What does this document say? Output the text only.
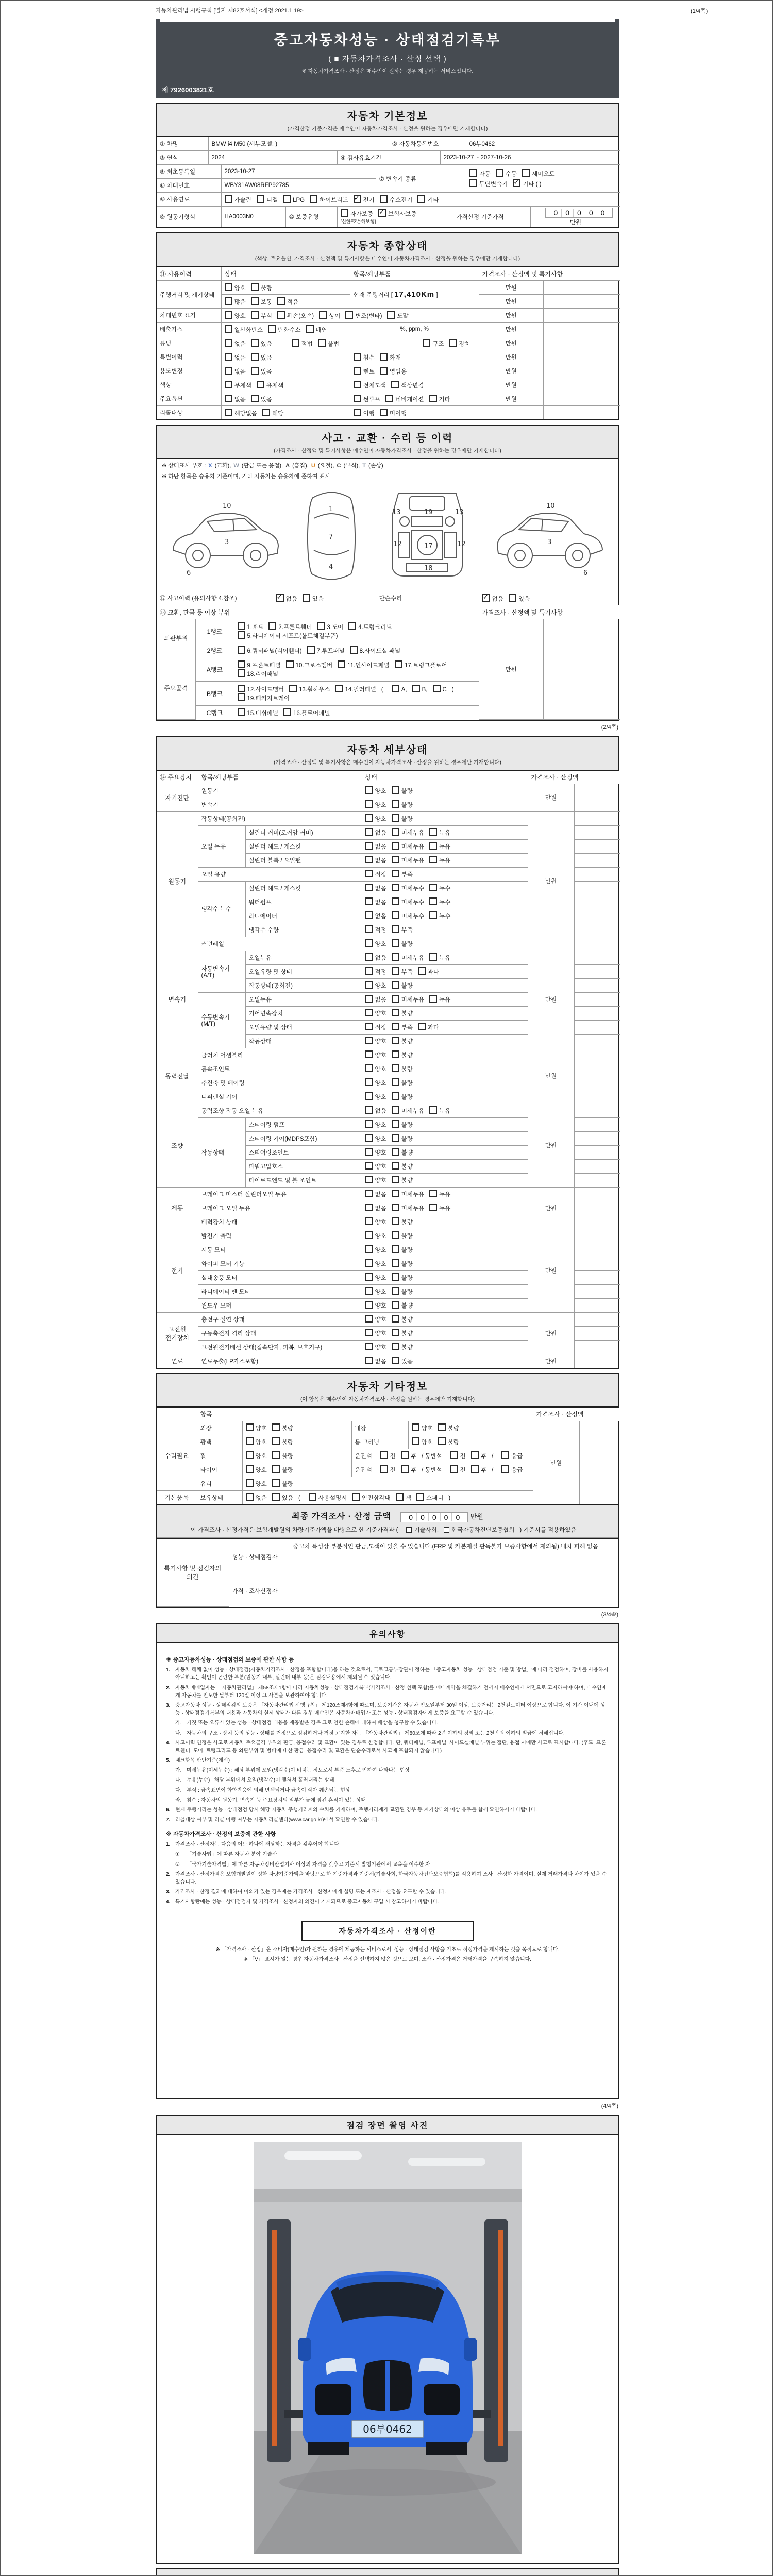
(1/4쪽)
자동차관리법 시행규칙 [별지 제82호서식] <개정 2021.1.19>
중고자동차성능 · 상태점검기록부
( ■ 자동차가격조사 · 산정 선택 )
※ 자동차가격조사 · 산정은 매수인이 원하는 경우 제공하는 서비스입니다.
제 7926003821호
자동차 기본정보
(가격산정 기준가격은 매수인이 자동차가격조사 · 산정을 원하는 경우에만 기재합니다)
① 차명	BMW i4 M50 (세부모델: )					② 자동차등록번호			06부0462	
③ 연식	2024			④ 검사유효기간			2023-10-27 ~ 2027-10-26			
⑤ 최초등록일		2023-10-27			⑦ 변속기 종류				자동 수동 세미오토
무단변속기 ✓ 기타 ( )

⑥ 차대번호		WBY31AW08RFP92785								
⑧ 사용연료		가솔린 디젤 LPG 하이브리드 ✓ 전기 수소전기 기타
⑨ 원동기형식		HA0003N0	⑩ 보증유형	자가보증 ✓ 보험사보증 [신한EZ손해보험]				가격산정 기준가격		0 0 0 0 0 만원
자동차 종합상태
(색상, 주요옵션, 가격조사 · 산정액 및 특기사항은 매수인이 자동차가격조사 · 산정을 원하는 경우에만 기재합니다)
⑪ 사용이력	상태	항목/해당부품	가격조사 · 산정액 및 특기사항	
주행거리 및 계기상태	양호 불량	현재 주행거리 [ 17,410Km ]	만원	
	많음 보통 적음		만원	
차대번호 표기	양호 부식 훼손(오손) 상이 변조(변타) 도말		만원	
배출가스	일산화탄소 탄화수소 매연	%, ppm, %	만원	
튜닝	없음 있음　 적법 불법	구조 장치	만원	
특별이력	없음 있음	침수 화재	만원	
용도변경	없음 있음	렌트 영업용	만원	
색상	무채색 유채색	전체도색 색상변경	만원	
주요옵션	없음 있음	썬루프 네비게이션 기타	만원	
리콜대상	해당없음 해당	이행 미이행		
사고 · 교환 · 수리 등 이력
(가격조사 · 산정액 및 특기사항은 매수인이 자동차가격조사 · 산정을 원하는 경우에만 기재합니다)
※ 상태표시 부호 : X (교환), W (판금 또는 용접), A (흠집), U (요철), C (부식), T (손상)
※ 하단 항목은 승용차 기준이며, 기타 자동차는 승용차에 준하여 표시
10
3
6
1
7
4
13	13
19
12	12
17
18
10
3
6
⑫ 사고이력 (유의사항 4.참조)	✓없음	있음	단순수리	✓없음	있음
⑬ 교환, 판금 등 이상 부위			가격조사 · 산정액 및 특기사항	
외판부위	1랭크	1.후드 2.프론트휀더 3.도어 4.트렁크리드
5.라디에이터 서포트(볼트체결부품)	만원	
	2랭크	6.쿼터패널(리어휀더) 7.루프패널 8.사이드실 패널		
주요골격	A랭크	9.프론트패널 10.크로스멤버 11.인사이드패널 17.트렁크플로어
18.리어패널		
	B랭크	12.사이드멤버 13.휠하우스 14.필러패널 ( A, B, C )
19.패키지트레이		
	C랭크	15.대쉬패널 16.플로어패널		
(2/4쪽)
자동차 세부상태
(가격조사 · 산정액 및 특기사항은 매수인이 자동차가격조사 · 산정을 원하는 경우에만 기재합니다)
⑭ 주요장치	항목/해당부품		상태	가격조사 · 산정액	
자기진단	원동기		양호 불량	만원	
	변속기		양호 불량		
원동기	작동상태(공회전)		양호 불량	만원	
	오일 누유	실린더 커버(로커암 커버)	없음 미세누유 누유		
		실린더 헤드 / 개스킷	없음 미세누유 누유		
		실린더 블록 / 오일팬	없음 미세누유 누유		
	오일 유량		적정 부족		
	냉각수 누수	실린더 헤드 / 개스킷	없음 미세누수 누수		
		워터펌프	없음 미세누수 누수		
		라디에이터	없음 미세누수 누수		
		냉각수 수량	적정 부족		
	커먼레일		양호 불량		
변속기	자동변속기 (A/T)	오일누유	없음 미세누유 누유	만원	
		오일유량 및 상태	적정 부족 과다		
		작동상태(공회전)	양호 불량		
	수동변속기 (M/T)	오일누유	없음 미세누유 누유		
		기어변속장치	양호 불량		
		오일유량 및 상태	적정 부족 과다		
		작동상태	양호 불량		
동력전달	클러치 어셈블리		양호 불량	만원	
	등속조인트		양호 불량		
	추진축 및 베어링		양호 불량		
	디퍼렌셜 기어		양호 불량		
조향	동력조향 작동 오일 누유		없음 미세누유 누유	만원	
	작동상태	스티어링 펌프	양호 불량		
		스티어링 기어(MDPS포함)	양호 불량		
		스티어링조인트	양호 불량		
		파워고압호스	양호 불량		
		타이로드엔드 및 볼 조인트	양호 불량		
제동	브레이크 마스터 실린더오일 누유		없음 미세누유 누유	만원	
	브레이크 오일 누유		없음 미세누유 누유		
	배력장치 상태		양호 불량		
전기	발전기 출력		양호 불량	만원	
	시동 모터		양호 불량		
	와이퍼 모터 기능		양호 불량		
	실내송풍 모터		양호 불량		
	라디에이터 팬 모터		양호 불량		
	윈도우 모터		양호 불량		
고전원 전기장치	충전구 절연 상태		양호 불량	만원	
	구동축전지 격리 상태		양호 불량		
	고전원전기배선 상태(접속단자, 피복, 보호기구)		양호 불량		
연료	연료누출(LP가스포함)		없음 있음	만원	
자동차 기타정보
(이 항목은 매수인이 자동차가격조사 · 산정을 원하는 경우에만 기재합니다)
	항목				가격조사 · 산정액	
수리필요	외장	양호 불량	내장	양호 불량	만원	
	광택	양호 불량	룸 크리닝	양호 불량		
	휠	양호 불량	운전석 전 후 / 동반석 전 후 / 응급			
	타이어	양호 불량	운전석 전 후 / 동반석 전 후 / 응급			
	유리	양호 불량				
기본품목	보유상태	없음 있음 ( 사용설명서 안전삼각대 잭 스패너 )				
최종 가격조사 · 산정 금액 0 0 0 0 0 만원
이 가격조사 · 산정가격은 보험개발원의 차량기준가액을 바탕으로 한 기준가격과 (	기술사회, 한국자동차진단보증협회 ) 기준서를 적용하였음
특기사항 및 점검자의 의견	성능 · 상태점검자	중고차 특성상 부분적인 판금,도색이 있을 수 있습니다.(FRP 및 카본재질 판독불가 보증사항에서 제외됨),내차 피해 없음
	가격 · 조사산정자	
(3/4쪽)
유의사항
※ 중고자동차성능 · 상태점검의 보증에 관한 사항 등
1. 자동차 해체 없이 성능 · 상태점검(자동차가격조사 · 산정을 포함합니다)을 하는 것으로서, 국토교통부장관이 정하는 「중고자동차 성능 · 상태점검 기준 및 방법」에 따라 점검하며, 장비를 사용하지 아니하고는 확인이 곤란한 부분(원동기 내부, 실린더 내부 등)은 점검내용에서 제외될 수 있습니다.
2. 자동차매매업자는 「자동차관리법」 제58조제1항에 따라 자동차성능 · 상태점검기록부(가격조사 · 산정 선택 포함)를 매매계약을 체결하기 전까지 매수인에게 서면으로 고지하여야 하며, 매수인에게 자동차를 인도한 날부터 120일 이상 그 사본을 보관하여야 합니다.
3. 중고자동차 성능 · 상태점검의 보증은 「자동차관리법 시행규칙」 제120조제4항에 따르며, 보증기간은 자동차 인도일부터 30일 이상, 보증거리는 2천킬로미터 이상으로 합니다. 이 기간 이내에 성능 · 상태점검기록부의 내용과 자동차의 실제 상태가 다른 경우 매수인은 자동차매매업자 또는 성능 · 상태점검자에게 보증을 요구할 수 있습니다.
가. 거짓 또는 오류가 있는 성능 · 상태점검 내용을 제공받은 경우 그로 인한 손해에 대하여 배상을 청구할 수 있습니다.
나. 자동차의 구조 · 장치 등의 성능 · 상태를 거짓으로 점검하거나 거짓 고지한 자는 「자동차관리법」 제80조에 따라 2년 이하의 징역 또는 2천만원 이하의 벌금에 처해집니다.
4. 사고이력 인정은 사고로 자동차 주요골격 부위의 판금, 용접수리 및 교환이 있는 경우로 한정합니다. 단, 쿼터패널, 루프패널, 사이드실패널 부위는 절단, 용접 시에만 사고로 표시합니다. (후드, 프론트휀더, 도어, 트렁크리드 등 외판부위 및 범퍼에 대한 판금, 용접수리 및 교환은 단순수리로서 사고에 포함되지 않습니다)
5. 체크항목 판단기준(예시)
가. 미세누유(미세누수) : 해당 부위에 오일(냉각수)이 비치는 정도로서 부품 노후로 인하여 나타나는 현상
나. 누유(누수) : 해당 부위에서 오일(냉각수)이 맺혀서 흘러내리는 상태
다. 부식 : 금속표면이 화학반응에 의해 변색되거나 금속이 삭아 훼손되는 현상
라. 침수 : 자동차의 원동기, 변속기 등 주요장치의 일부가 물에 잠긴 흔적이 있는 상태
6. 현재 주행거리는 성능 · 상태점검 당시 해당 자동차 주행거리계의 수치를 기재하며, 주행거리계가 교환된 경우 등 계기상태의 이상 유무를 함께 확인하시기 바랍니다.
7. 리콜대상 여부 및 리콜 이행 여부는 자동차리콜센터(www.car.go.kr)에서 확인할 수 있습니다.
※ 자동차가격조사 · 산정의 보증에 관한 사항
1. 가격조사 · 산정자는 다음의 어느 하나에 해당하는 자격을 갖추어야 합니다.
①	「기술사법」에 따른 자동차 분야 기술사
②	「국가기술자격법」에 따른 자동차정비산업기사 이상의 자격을 갖추고 기준서 발행기관에서 교육을 이수한 자
2. 가격조사 · 산정가격은 보험개발원이 정한 차량기준가액을 바탕으로 한 기준가격과 기준서(기술사회, 한국자동차진단보증협회)를 적용하여 조사 · 산정한 가격이며, 실제 거래가격과 차이가 있을 수 있습니다.
3. 가격조사 · 산정 결과에 대하여 이의가 있는 경우에는 가격조사 · 산정자에게 설명 또는 재조사 · 산정을 요구할 수 있습니다.
4. 특기사항란에는 성능 · 상태점검자 및 가격조사 · 산정자의 의견이 기재되므로 중고자동차 구입 시 참고하시기 바랍니다.
자동차가격조사 · 산정이란
※ 「가격조사 · 산정」은 소비자(매수인)가 원하는 경우에 제공하는 서비스로서, 성능 · 상태점검 사항을 기초로 적정가격을 제시하는 것을 목적으로 합니다.
※ 「V」 표시가 없는 경우 자동차가격조사 · 산정을 선택하지 않은 것으로 보며, 조사 · 산정가격은 거래가격을 구속하지 않습니다.
(4/4쪽)
점검 장면 촬영 사진
06부0462
